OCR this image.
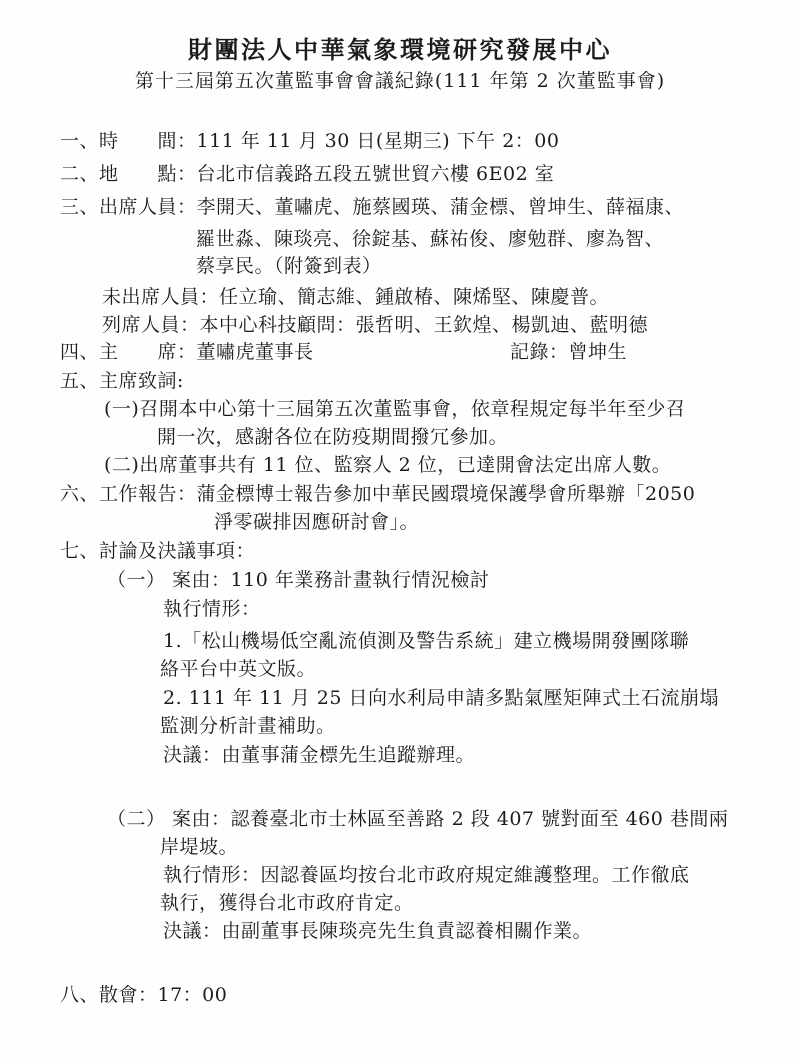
財團法人中華氣象環境研究發展中心
第十三屆第五次董監事會會議紀錄(111 年第 2 次董監事會)
一、時　　間：111 年 11 月 30 日(星期三) 下午 2：00
二、地　　點：台北市信義路五段五號世貿六樓 6E02 室
三、出席人員：李開天、董嘯虎、施蔡國瑛、蒲金標、曾坤生、薛福康、
羅世淼、陳琰亮、徐錠基、蘇祐俊、廖勉群、廖為智、
蔡享民。（附簽到表）
未出席人員：任立瑜、簡志維、鍾啟椿、陳烯堅、陳慶普。
列席人員：本中心科技顧問：張哲明、王欽煌、楊凱迪、藍明德
四、主　　席：董嘯虎董事長	記錄：曾坤生
五、主席致詞:
(一)召開本中心第十三屆第五次董監事會，依章程規定每半年至少召
開一次，感謝各位在防疫期間撥冗參加。
(二)出席董事共有 11 位、監察人 2 位，已達開會法定出席人數。
六、工作報告：蒲金標博士報告參加中華民國環境保護學會所舉辦「2050
淨零碳排因應研討會」。
七、討論及決議事項：
（一） 案由：110 年業務計畫執行情況檢討
執行情形：
1.「松山機場低空亂流偵測及警告系統」建立機場開發團隊聯
絡平台中英文版。
2. 111 年 11 月 25 日向水利局申請多點氣壓矩陣式土石流崩塌
監測分析計畫補助。
決議：由董事蒲金標先生追蹤辦理。
（二） 案由：認養臺北市士林區至善路 2 段 407 號對面至 460 巷間兩
岸堤坡。
執行情形：因認養區均按台北市政府規定維護整理。工作徹底
執行，獲得台北市政府肯定。
決議：由副董事長陳琰亮先生負責認養相關作業。
八、散會：17：00
